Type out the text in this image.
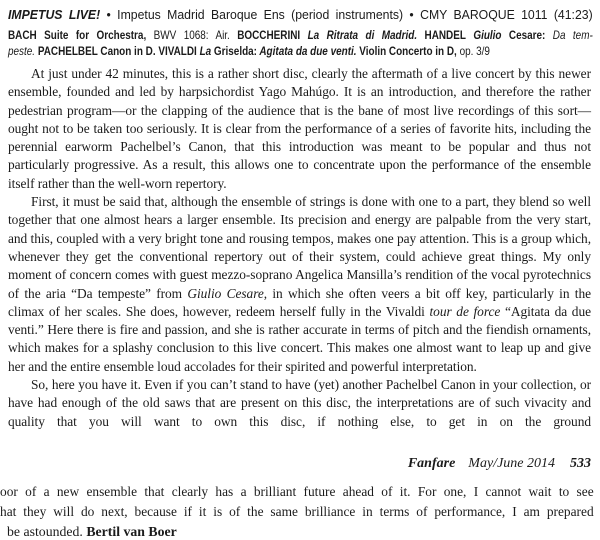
IMPETUS LIVE! • Impetus Madrid Baroque Ens (period instruments) • CMY BAROQUE 1011 (41:23)
BACH Suite for Orchestra, BWV 1068: Air. BOCCHERINI La Ritrata di Madrid. HANDEL Giulio Cesare: Da tem-
peste. PACHELBEL Canon in D. VIVALDI La Griselda: Agitata da due venti. Violin Concerto in D, op. 3/9

At just under 42 minutes, this is a rather short disc, clearly the aftermath of a live concert by this newer ensemble, founded and led by harpsichordist Yago Mahúgo. It is an introduction, and therefore the rather pedestrian program—or the clapping of the audience that is the bane of most live recordings of this sort—ought not to be taken too seriously. It is clear from the performance of a series of favorite hits, including the perennial earworm Pachelbel’s Canon, that this introduction was meant to be popular and thus not particularly progressive. As a result, this allows one to concentrate upon the performance of the ensemble itself rather than the well-worn repertory.

First, it must be said that, although the ensemble of strings is done with one to a part, they blend so well together that one almost hears a larger ensemble. Its precision and energy are palpable from the very start, and this, coupled with a very bright tone and rousing tempos, makes one pay attention. This is a group which, whenever they get the conventional repertory out of their system, could achieve great things. My only moment of concern comes with guest mezzo-soprano Angelica Mansilla’s rendition of the vocal pyrotechnics of the aria “Da tempeste” from Giulio Cesare, in which she often veers a bit off key, particularly in the climax of her scales. She does, however, redeem herself fully in the Vivaldi tour de force “Agitata da due venti.” Here there is fire and passion, and she is rather accurate in terms of pitch and the fiendish ornaments, which makes for a splashy conclusion to this live concert. This makes one almost want to leap up and give her and the entire ensemble loud accolades for their spirited and powerful interpretation.

So, here you have it. Even if you can’t stand to have (yet) another Pachelbel Canon in your collection, or have had enough of the old saws that are present on this disc, the interpretations are of such vivacity and quality that you will want to own this disc, if nothing else, to get in on the ground

Fanfare May/June 2014 533
oor of a new ensemble that clearly has a brilliant future ahead of it. For one, I cannot wait to see
hat they will do next, because if it is of the same brilliance in terms of performance, I am prepared
be astounded. Bertil van Boer
